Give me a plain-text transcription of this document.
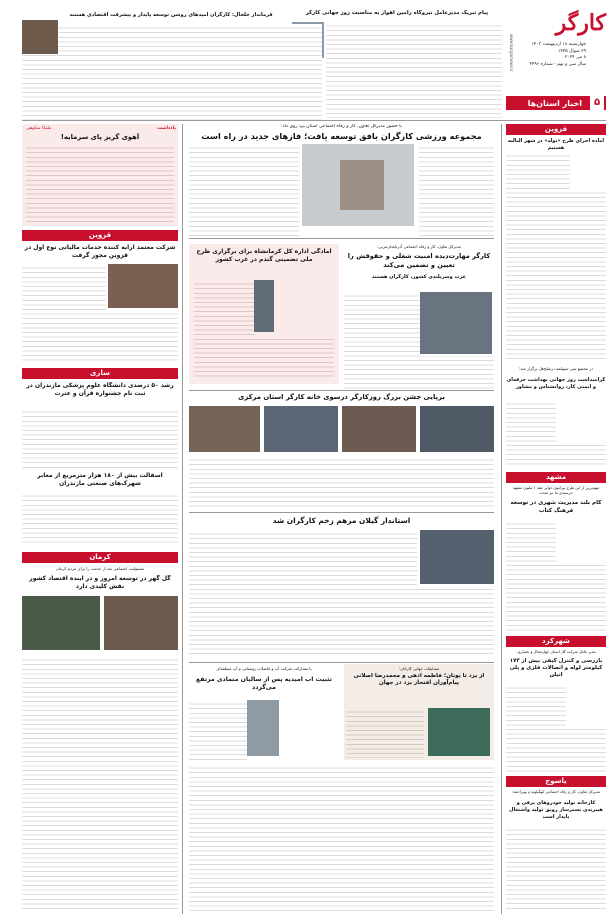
کارگر
چهارشنبه ۱۸ اردیبهشت ۱۴۰۳
۲۹ شوال ۱۴۴۵
۸ می ۲۰۲۴
سال سی و نهم - شماره ۴۴۹۶
www.kargarnews.ir
۵
اخبار استان‌ها
پیام تبریک مدیرعامل نیروگاه رامین اهواز به مناسبت روز جهانی کارگر
فرماندار خلخال: کارگران امیدهای روشن توسعه پایدار و پیشرفت اقتصادی هستند
قزوین
آماده اجرای طرح «تولد» در شهر البالیه هستیم
در مجتمع سی سوپلمه درصلح‌هل برگزار شد:
گرامیداشت روز جهانی بهداشت حرفه‌ای و ایمنی کار، روانشناس و مشاور
مشهد
مهم‌ترین از این طرح پیرامون دوایر عقد ۱ ملیون مشهد خرسندی ما نیز شدت
گام بلند مدیریت شهری در توسعه فرهنگ کتاب
شهرکرد
مدیر عامل شرکت گاز استان چهارمحال و بختیاری:
بازرسی و کنترل کیفی بیش از ۱۷۳ کیلومتر لوله و اتصالات فلزی و پلی اتیلن
یاسوج
مدیرکل تعاون، کار و رفاه اجتماعی کهگیلویه و بویراحمد:
کارخانه تولید خودروهای برقی و هیبریدی بسترساز رونق تولید واشتغال پایدار است
با حضور مدیرکل تعاون، کار و رفاه اجتماعی استان یزد روی داد:
مجموعه ورزشی کارگران بافق توسعه یافت؛ فازهای جدید در راه است
مدیرکل تعاون، کار و رفاه اجتماعی آذربایجان‌غربی:
کارگر مهارت‌دیده امنیت شغلی و حقوقش را تعیین و تضمین می‌کند
عزت وسربلندی کشور، کارگران هستند
آمادگی اداره کل کرمانشاه برای برگزاری طرح ملی تضمینی گندم در غرب کشور
برپایی جشن بزرگ روزکارگر درسوی خانه کارگر استان مرکزی
استاندار گیلان مرهم زخم کارگران شد
مسابقات جهانی کاراتان:
از یزد تا یونان؛ فاطمه ادهی و محمدرضا اصلانی پیام‌آوران افتخار یزد در جهان
با مشارکت شرکت آب و فاضلاب روستایی و آب منطقه‌ای
تثبیت آب امیدیه پس از سالیان متمادی مرتفع می‌گردد
یادداشت
ملیکا شکوهی
آهوی گریز پای سرمایه!
قزوین
شرکت معتمد ارایه کننده خدمات مالیاتی نوع اول در قزوین مجوز گرفت
ساری
رشد ۵۰ درصدی دانشگاه علوم پزشکی مازندران در ثبت نام جشنواره قرآن و عترت
آسفالت بیش از ۱۸۰ هزار مترمربع از معابر شهرک‌های صنعتی مازندران
کرمان
مسئولیت اجتماعی بعد از خدمت را برای مردم کرمان
گل گهر در توسعه امروز و در آینده اقتصاد کشور نقش کلیدی دارد
